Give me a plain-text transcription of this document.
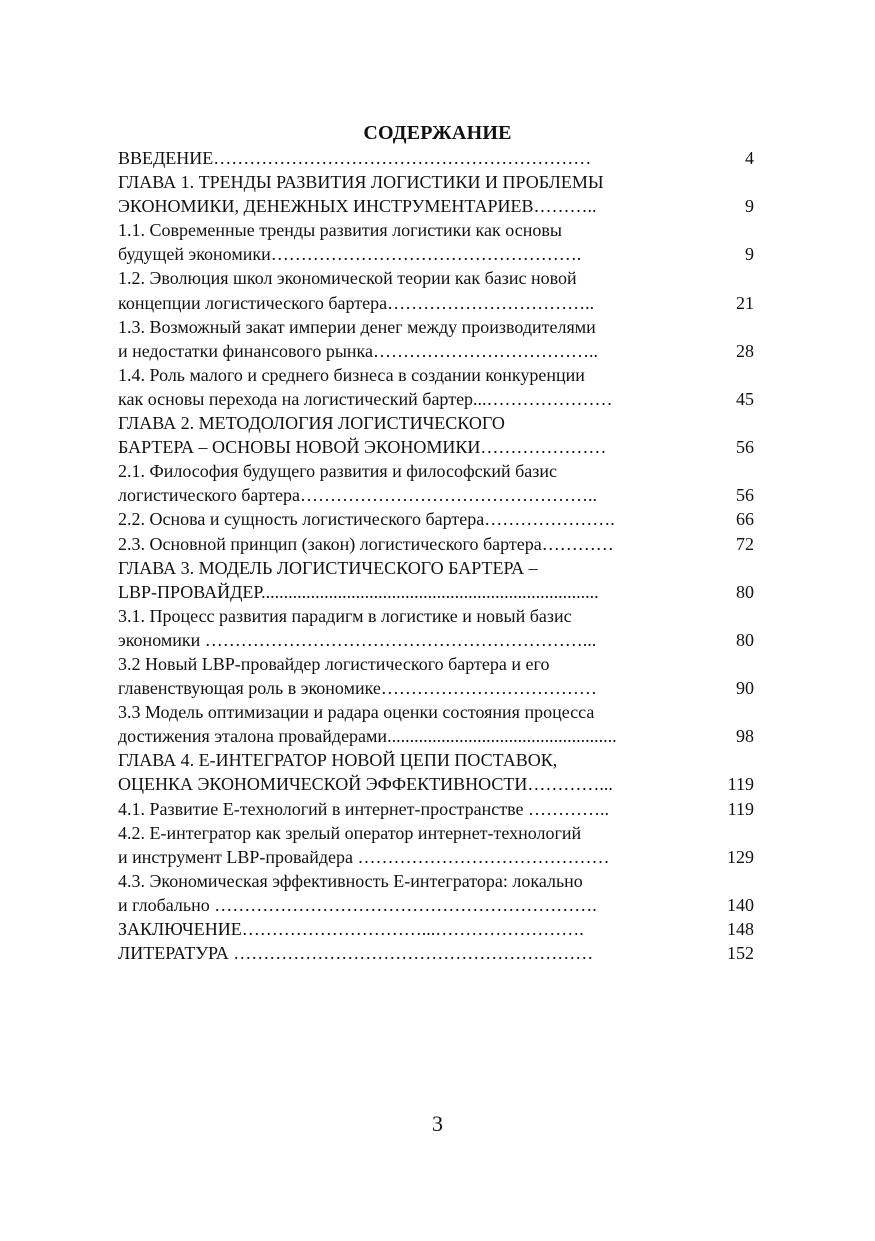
СОДЕРЖАНИЕ
ВВЕДЕНИЕ………………………………………………………	4
ГЛАВА 1. ТРЕНДЫ РАЗВИТИЯ ЛОГИСТИКИ И ПРОБЛЕМЫ
ЭКОНОМИКИ, ДЕНЕЖНЫХ ИНСТРУМЕНТАРИЕВ………..	9
1.1. Современные тренды развития логистики как основы
будущей экономики…………………………………………….	9
1.2. Эволюция школ экономической теории как базис новой
концепции логистического бартера……………………………..	21
1.3. Возможный закат империи денег между производителями
и недостатки финансового рынка………………………………..	28
1.4. Роль малого и среднего бизнеса в создании конкуренции
как основы перехода на логистический бартер...…………………	45
ГЛАВА 2. МЕТОДОЛОГИЯ ЛОГИСТИЧЕСКОГО
БАРТЕРА – ОСНОВЫ НОВОЙ ЭКОНОМИКИ…………………	56
2.1. Философия будущего развития и философский базис
логистического бартера…………………………………………..	56
2.2. Основа и сущность логистического бартера………………….	66
2.3. Основной принцип (закон) логистического бартера…………	72
ГЛАВА 3. МОДЕЛЬ ЛОГИСТИЧЕСКОГО БАРТЕРА –
LBP-ПРОВАЙДЕР...........................................................................	80
3.1. Процесс развития парадигм в логистике и новый базис
экономики ………………………………………………………...	80
3.2 Новый LBP-провайдер логистического бартера и его
главенствующая роль в экономике………………………………	90
3.3 Модель оптимизации и радара оценки состояния процесса
достижения эталона провайдерами...................................................	98
ГЛАВА 4. Е-ИНТЕГРАТОР НОВОЙ ЦЕПИ ПОСТАВОК,
ОЦЕНКА ЭКОНОМИЧЕСКОЙ ЭФФЕКТИВНОСТИ…………...	119
4.1. Развитие Е-технологий в интернет-пространстве …………..	119
4.2. Е-интегратор как зрелый оператор интернет-технологий
и инструмент LBP-провайдера ……………………………………	129
4.3. Экономическая эффективность Е-интегратора: локально
и глобально ……………………………………………………….	140
ЗАКЛЮЧЕНИЕ…………………………...…………………….	148
ЛИТЕРАТУРА ……………………………………………………	152
3
